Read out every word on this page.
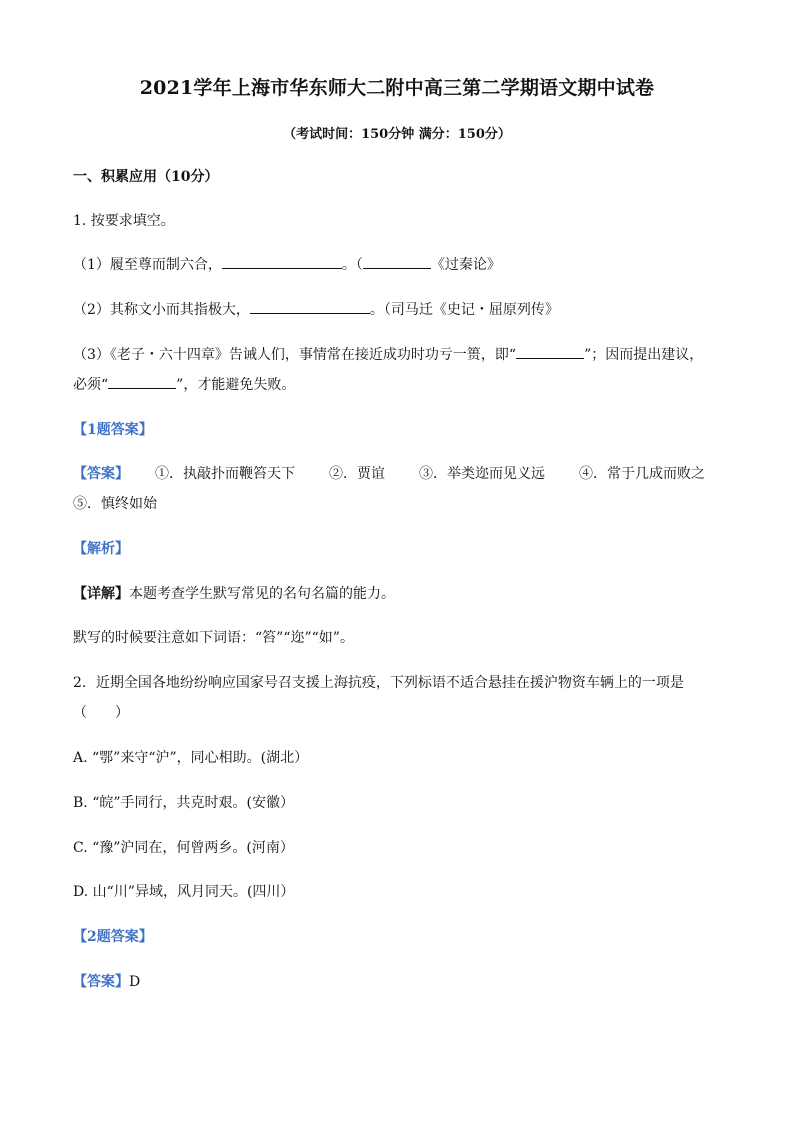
2021学年上海市华东师大二附中高三第二学期语文期中试卷
（考试时间：150分钟 满分：150分）
一、积累应用（10分）
1. 按要求填空。
（1）履至尊而制六合，	。（	《过秦论》
（2）其称文小而其指极大，	。（司马迁《史记・屈原列传》
（3）《老子・六十四章》告诫人们，事情常在接近成功时功亏一篑，即“	”；因而提出建议，
必须“	”，才能避免失败。
【1题答案】
【答案】 ①．执敲扑而鞭笞天下 ②．贾谊 ③．举类迩而见义远 ④．常于几成而败之
⑤．慎终如始
【解析】
【详解】本题考查学生默写常见的名句名篇的能力。
默写的时候要注意如下词语：“笞”“迩”“如”。
2．近期全国各地纷纷响应国家号召支援上海抗疫，下列标语不适合悬挂在援沪物资车辆上的一项是
（　　）
A. “鄂”来守“沪”，同心相助。(湖北）
B. “皖”手同行，共克时艰。(安徽）
C. “豫”沪同在，何曾两乡。(河南）
D. 山“川”异域，风月同天。(四川）
【2题答案】
【答案】D
